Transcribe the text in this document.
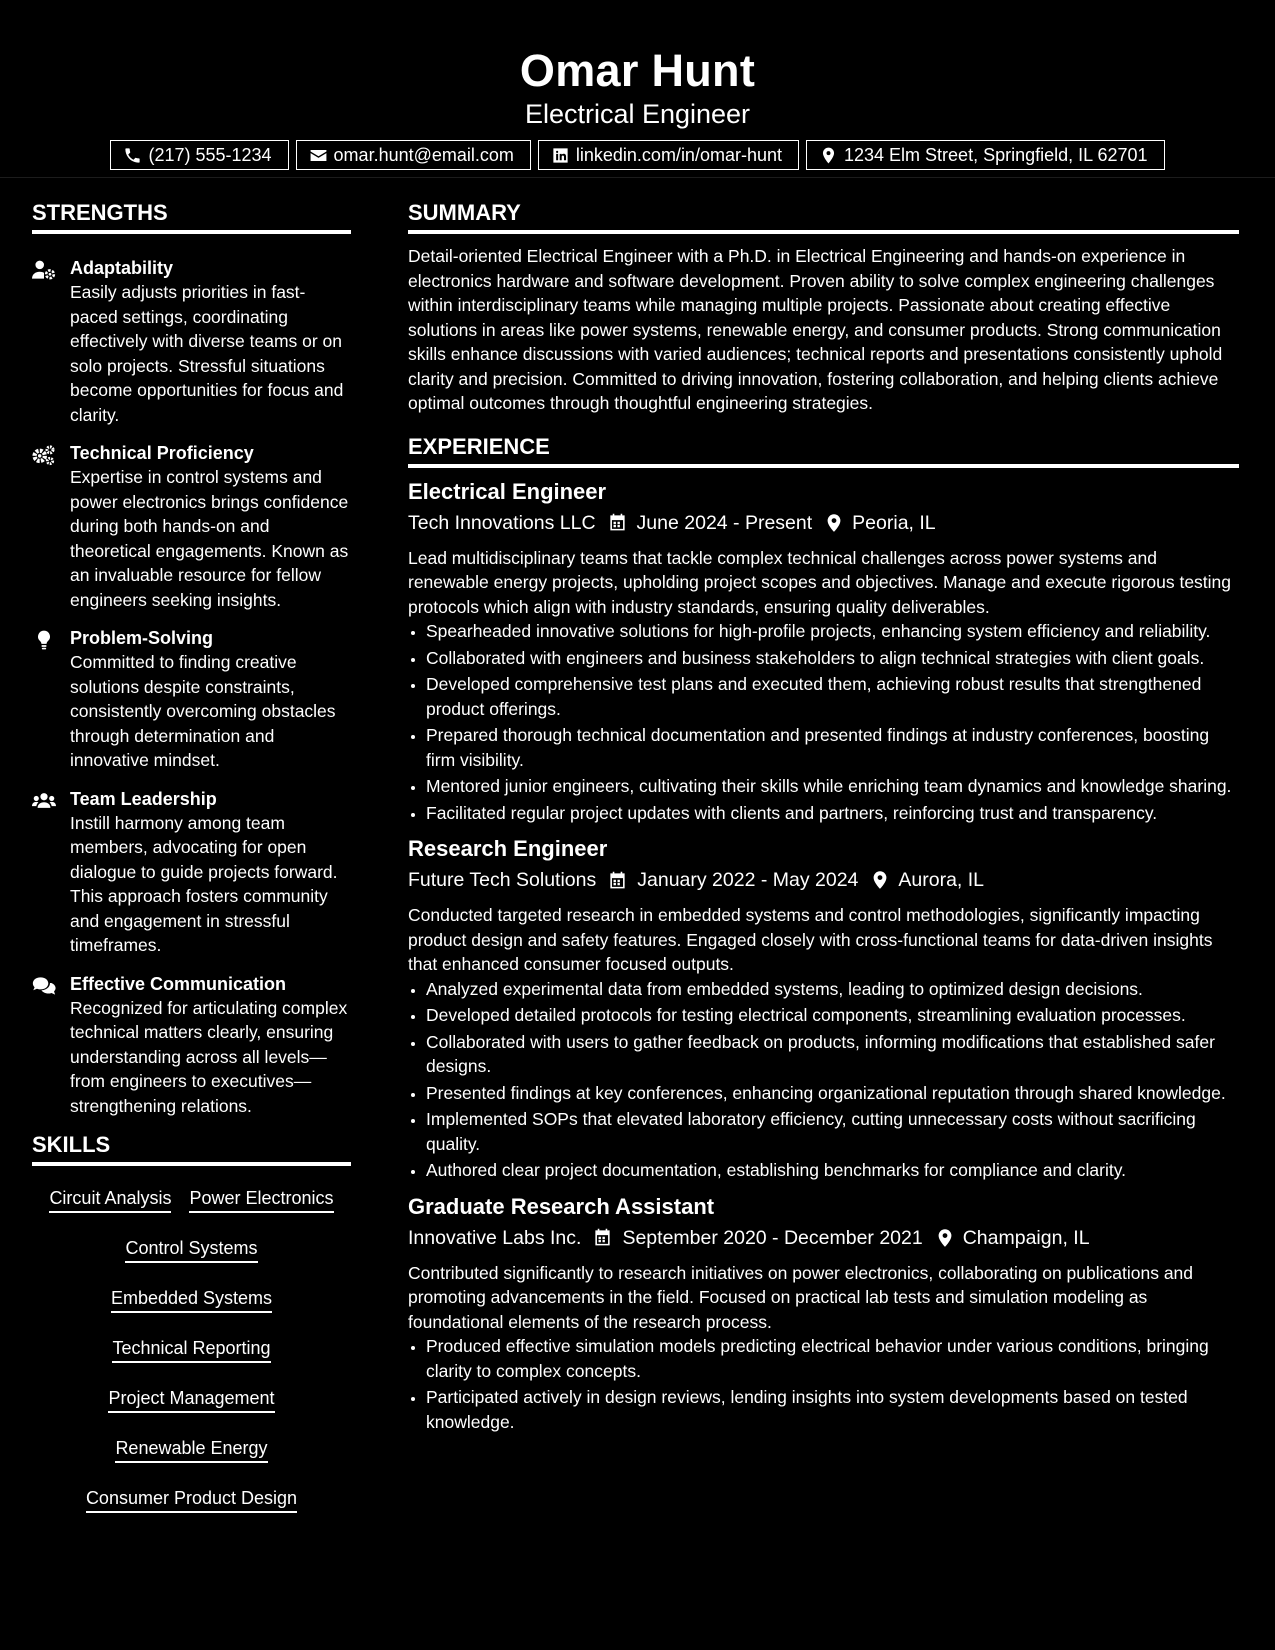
Omar Hunt
Electrical Engineer
(217) 555-1234	omar.hunt@email.com	linkedin.com/in/omar-hunt	1234 Elm Street, Springfield, IL 62701
STRENGTHS
Adaptability

Easily adjusts priorities in fast-paced settings, coordinating effectively with diverse teams or on solo projects. Stressful situations become opportunities for focus and clarity.

Technical Proficiency

Expertise in control systems and power electronics brings confidence during both hands-on and theoretical engagements. Known as an invaluable resource for fellow engineers seeking insights.

Problem-Solving

Committed to finding creative solutions despite constraints, consistently overcoming obstacles through determination and innovative mindset.

Team Leadership

Instill harmony among team members, advocating for open dialogue to guide projects forward. This approach fosters community and engagement in stressful timeframes.

Effective Communication

Recognized for articulating complex technical matters clearly, ensuring understanding across all levels—from engineers to executives—strengthening relations.

SKILLS
Circuit Analysis Power Electronics
Control Systems
Embedded Systems
Technical Reporting
Project Management
Renewable Energy
Consumer Product Design
SUMMARY

Detail-oriented Electrical Engineer with a Ph.D. in Electrical Engineering and hands-on experience in electronics hardware and software development. Proven ability to solve complex engineering challenges within interdisciplinary teams while managing multiple projects. Passionate about creating effective solutions in areas like power systems, renewable energy, and consumer products. Strong communication skills enhance discussions with varied audiences; technical reports and presentations consistently uphold clarity and precision. Committed to driving innovation, fostering collaboration, and helping clients achieve optimal outcomes through thoughtful engineering strategies.

EXPERIENCE
Electrical Engineer
Tech Innovations LLC June 2024 - Present Peoria, IL

Lead multidisciplinary teams that tackle complex technical challenges across power systems and renewable energy projects, upholding project scopes and objectives. Manage and execute rigorous testing protocols which align with industry standards, ensuring quality deliverables.

• Spearheaded innovative solutions for high-profile projects, enhancing system efficiency and reliability.
• Collaborated with engineers and business stakeholders to align technical strategies with client goals.
• Developed comprehensive test plans and executed them, achieving robust results that strengthened product offerings.
• Prepared thorough technical documentation and presented findings at industry conferences, boosting firm visibility.
• Mentored junior engineers, cultivating their skills while enriching team dynamics and knowledge sharing.
• Facilitated regular project updates with clients and partners, reinforcing trust and transparency.
Research Engineer
Future Tech Solutions January 2022 - May 2024 Aurora, IL

Conducted targeted research in embedded systems and control methodologies, significantly impacting product design and safety features. Engaged closely with cross-functional teams for data-driven insights that enhanced consumer focused outputs.

• Analyzed experimental data from embedded systems, leading to optimized design decisions.
• Developed detailed protocols for testing electrical components, streamlining evaluation processes.
• Collaborated with users to gather feedback on products, informing modifications that established safer designs.
• Presented findings at key conferences, enhancing organizational reputation through shared knowledge.
• Implemented SOPs that elevated laboratory efficiency, cutting unnecessary costs without sacrificing quality.
• Authored clear project documentation, establishing benchmarks for compliance and clarity.
Graduate Research Assistant
Innovative Labs Inc. September 2020 - December 2021 Champaign, IL

Contributed significantly to research initiatives on power electronics, collaborating on publications and promoting advancements in the field. Focused on practical lab tests and simulation modeling as foundational elements of the research process.

• Produced effective simulation models predicting electrical behavior under various conditions, bringing clarity to complex concepts.
• Participated actively in design reviews, lending insights into system developments based on tested knowledge.
